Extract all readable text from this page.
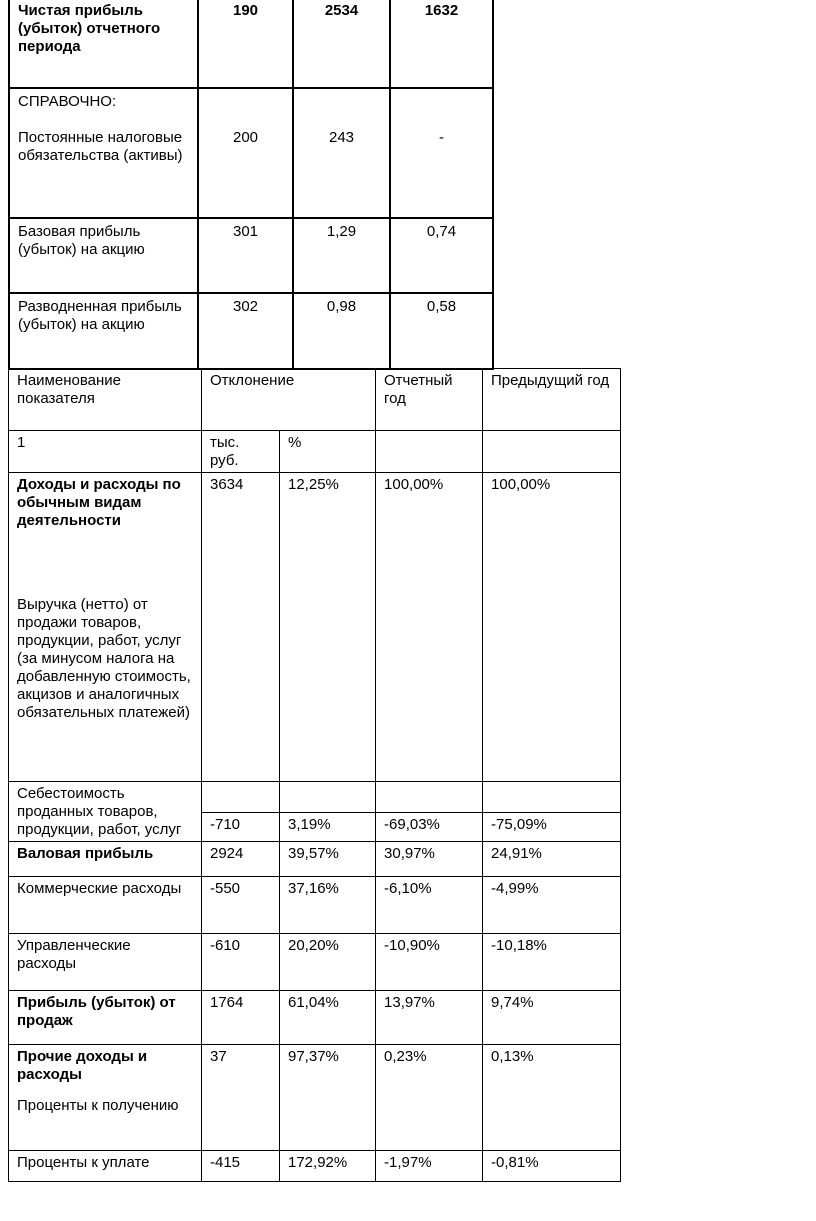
Чистая прибыль (убыток) отчетного периода	190	2534	1632

СПРАВОЧНО:
Постоянные налоговые обязательства (активы)	200	243	-
Базовая прибыль (убыток) на акцию	301	1,29	0,74
Разводненная прибыль (убыток) на акцию	302	0,98	0,58
Наименование показателя	Отклонение		Отчетный год	Предыдущий год
1	тыс. руб.	%		

Доходы и расходы по обычным видам деятельности
Выручка (нетто) от продажи товаров, продукции, работ, услуг (за минусом налога на добавленную стоимость, акцизов и аналогичных обязательных платежей)	3634	12,25%	100,00%	100,00%
Себестоимость проданных товаров, продукции, работ, услуг				
	-710	3,19%	-69,03%	-75,09%
Валовая прибыль	2924	39,57%	30,97%	24,91%
Коммерческие расходы	-550	37,16%	-6,10%	-4,99%
Управленческие расходы	-610	20,20%	-10,90%	-10,18%
Прибыль (убыток) от продаж	1764	61,04%	13,97%	9,74%

Прочие доходы и расходы
Проценты к получению	37	97,37%	0,23%	0,13%
Проценты к уплате	-415	172,92%	-1,97%	-0,81%
